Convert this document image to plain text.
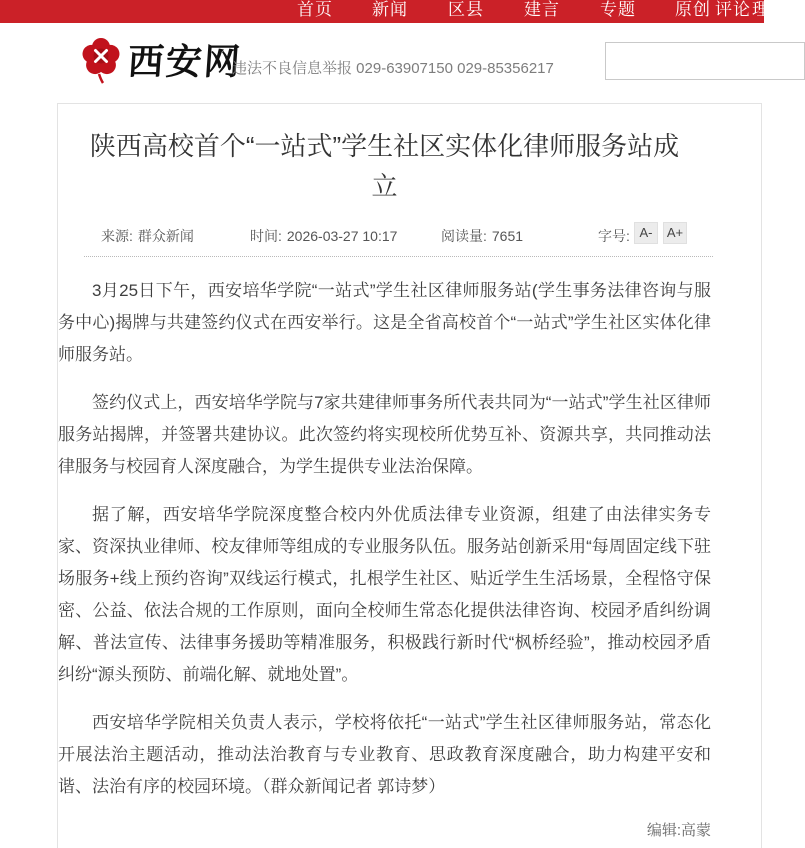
首页 新闻 区县 建言 专题 原创 评论 理论
西安网
违法不良信息举报 029-63907150 029-85356217
陕西高校首个“一站式”学生社区实体化律师服务站成立
来源: 群众新闻	时间: 2026-03-27 10:17	阅读量: 7651	字号: A-	A+

3月25日下午，西安培华学院“一站式”学生社区律师服务站(学生事务法律咨询与服务中心)揭牌与共建签约仪式在西安举行。这是全省高校首个“一站式”学生社区实体化律师服务站。

签约仪式上，西安培华学院与7家共建律师事务所代表共同为“一站式”学生社区律师服务站揭牌，并签署共建协议。此次签约将实现校所优势互补、资源共享，共同推动法律服务与校园育人深度融合，为学生提供专业法治保障。

据了解，西安培华学院深度整合校内外优质法律专业资源，组建了由法律实务专家、资深执业律师、校友律师等组成的专业服务队伍。服务站创新采用“每周固定线下驻场服务+线上预约咨询”双线运行模式，扎根学生社区、贴近学生生活场景，全程恪守保密、公益、依法合规的工作原则，面向全校师生常态化提供法律咨询、校园矛盾纠纷调解、普法宣传、法律事务援助等精准服务，积极践行新时代“枫桥经验”，推动校园矛盾纠纷“源头预防、前端化解、就地处置”。

西安培华学院相关负责人表示，学校将依托“一站式”学生社区律师服务站，常态化开展法治主题活动，推动法治教育与专业教育、思政教育深度融合，助力构建平安和谐、法治有序的校园环境。（群众新闻记者 郭诗梦）

编辑:高蒙
